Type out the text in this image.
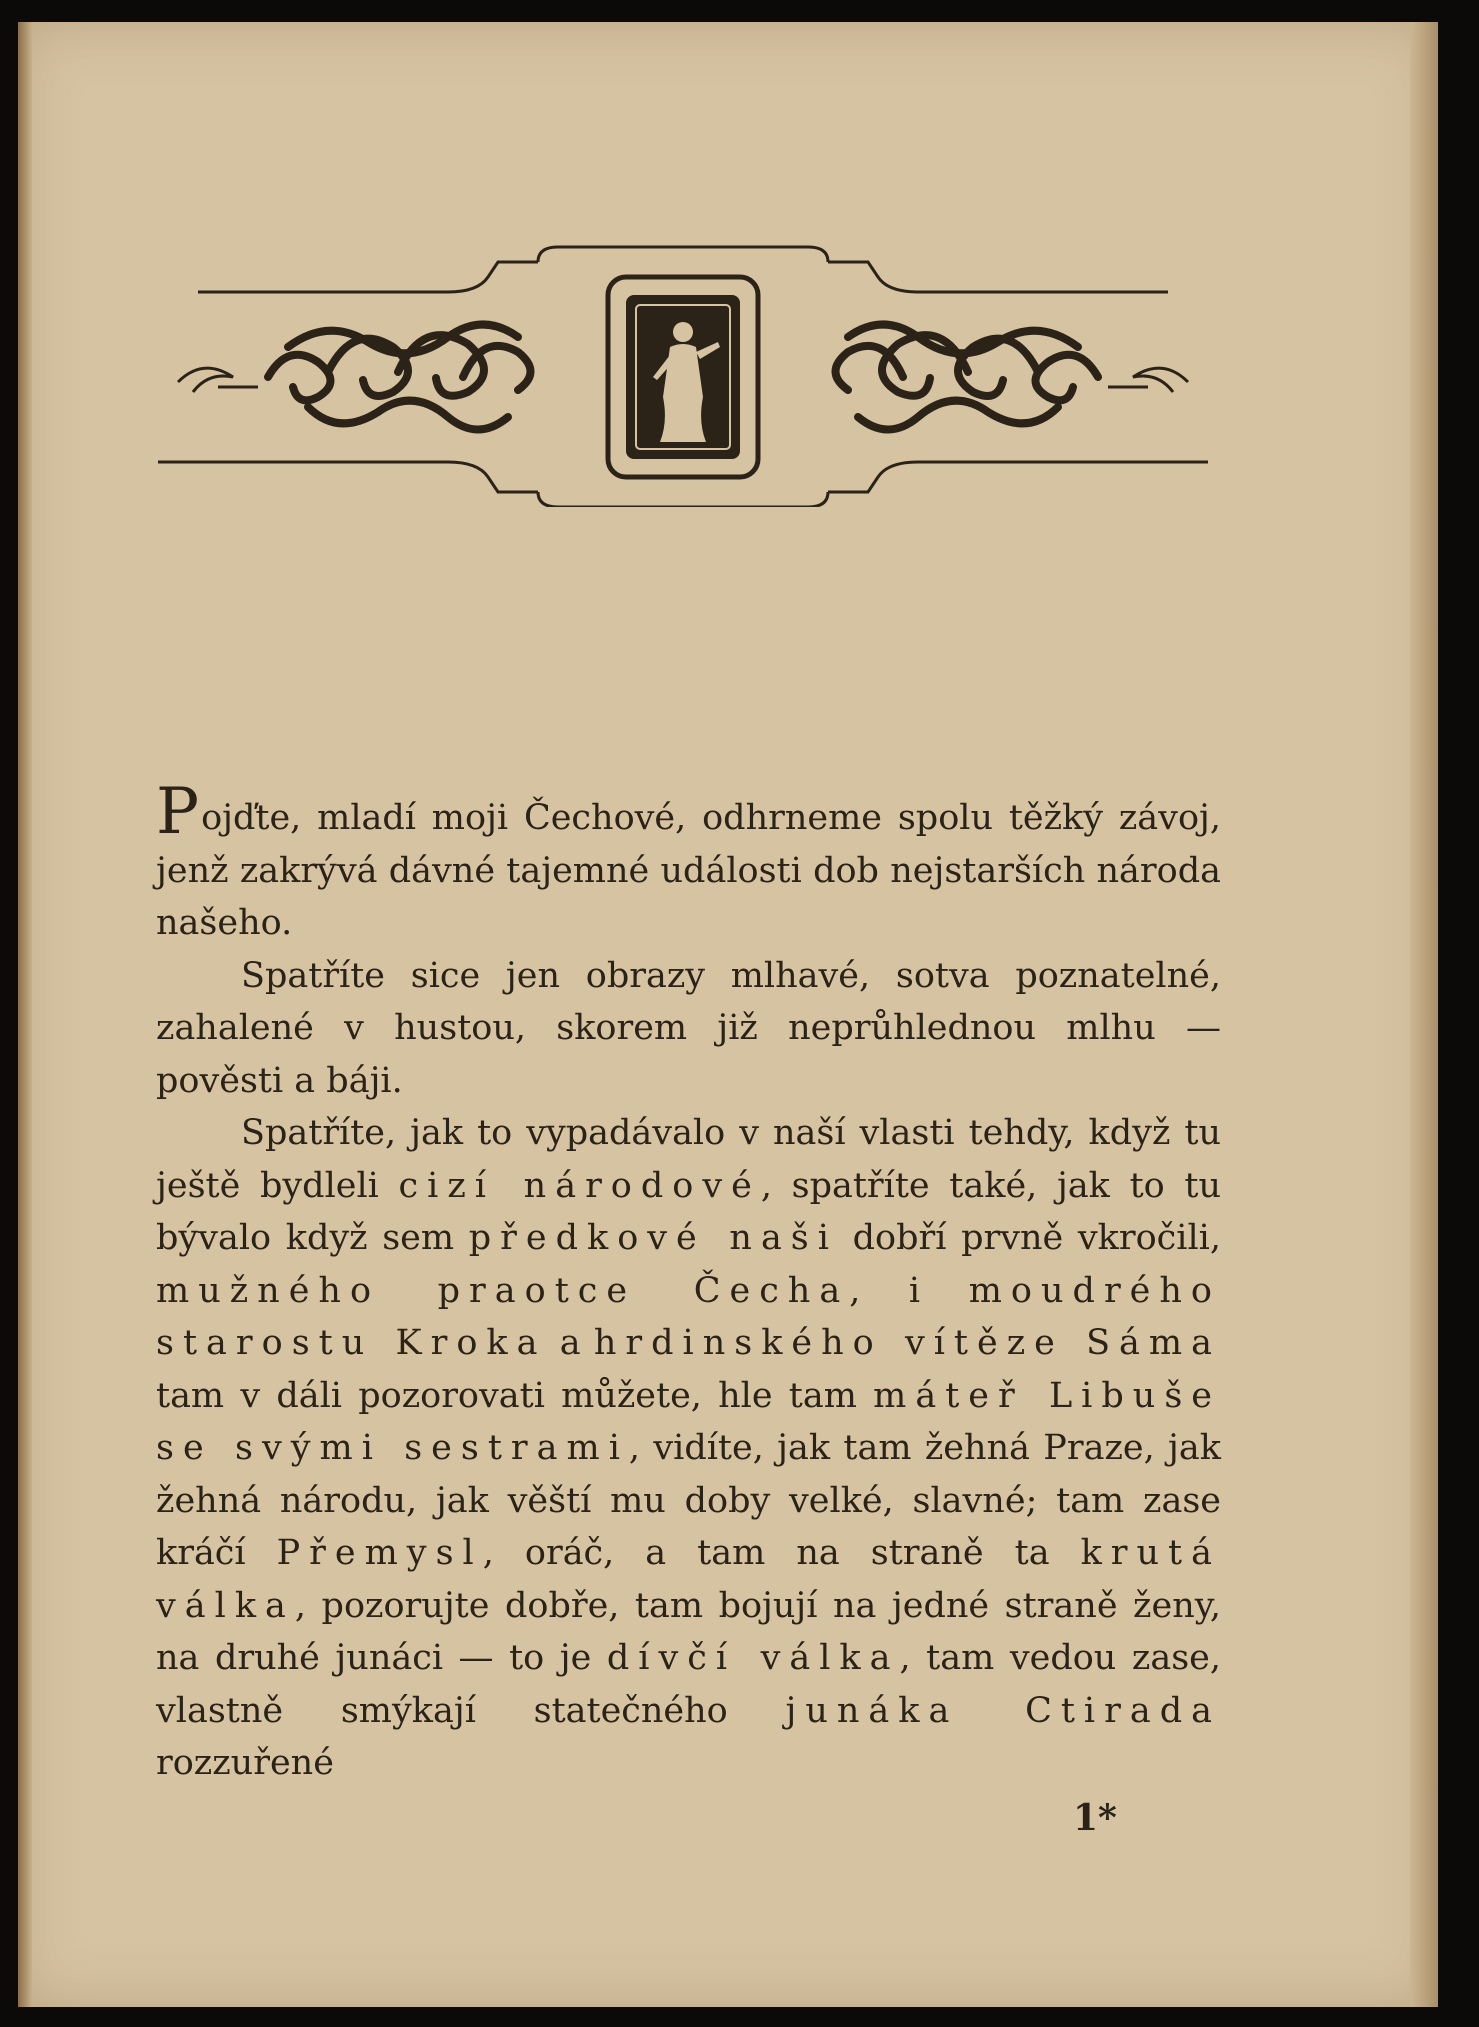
Pojďte, mladí moji Čechové, odhrneme spolu těžký závoj, jenž zakrývá dávné tajemné události dob nejstarších národa našeho.

Spatříte sice jen obrazy mlhavé, sotva poznatelné, zahalené v hustou, skorem již neprůhlednou mlhu — pověsti a báji.

Spatříte, jak to vypadávalo v naší vlasti tehdy, když tu ještě bydleli cizí národové, spatříte také, jak to tu bývalo když sem předkové naši dobří prvně vkročili, mužného praotce Čecha, i moudrého starostu Kroka a hrdinského vítěze Sáma tam v dáli pozorovati můžete, hle tam máteř Libuše se svými sestrami, vidíte, jak tam žehná Praze, jak žehná národu, jak věští mu doby velké, slavné; tam zase kráčí Přemysl, oráč, a tam na straně ta krutá válka, pozorujte dobře, tam bojují na jedné straně ženy, na druhé junáci — to je dívčí válka, tam vedou zase, vlastně smýkají statečného junáka Ctirada rozzuřené

1*
